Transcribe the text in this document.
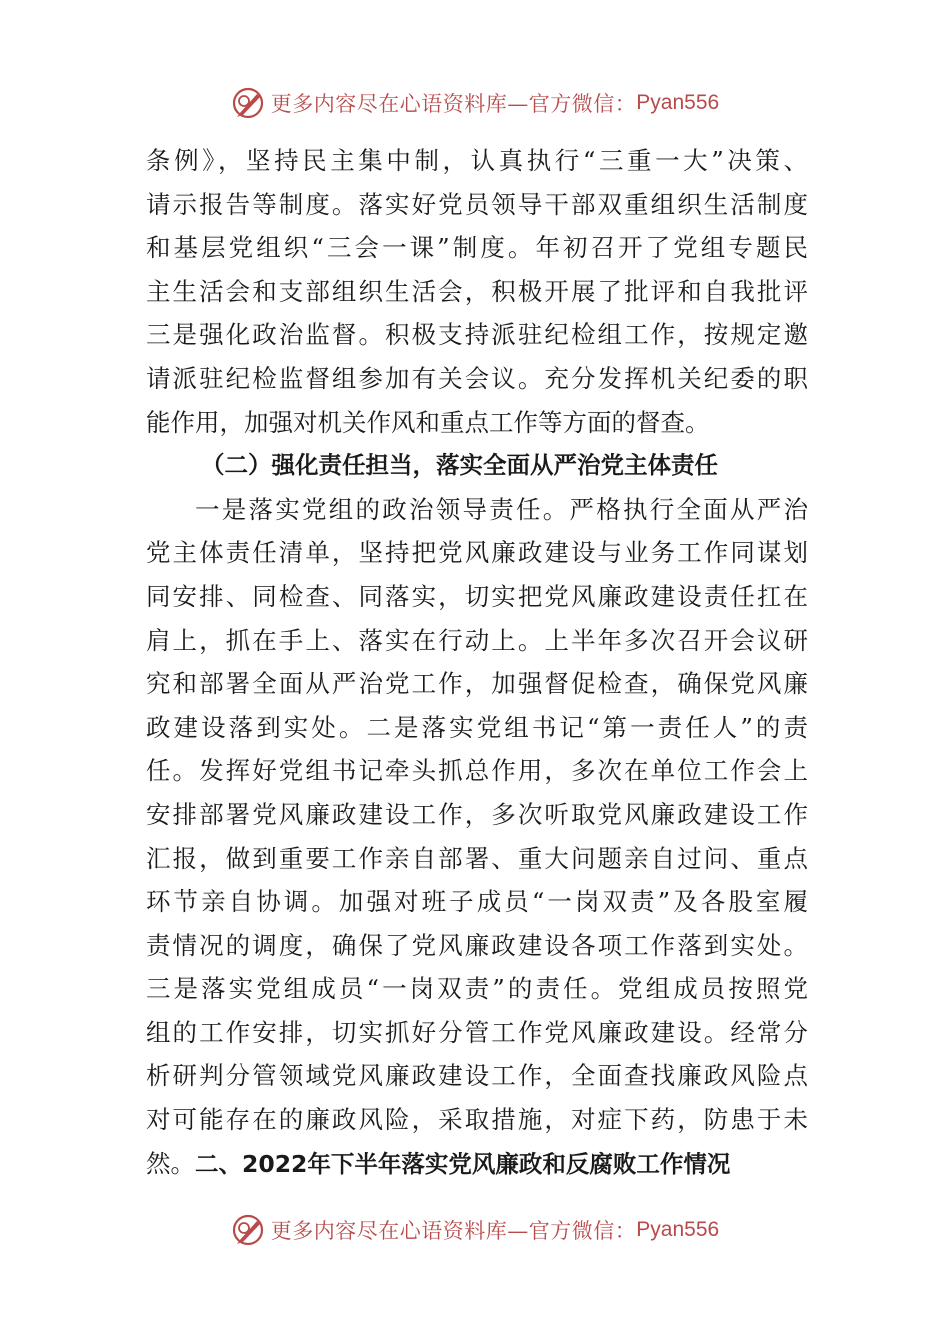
更多内容尽在心语资料库—官方微信： Pyan556
条例》，坚持民主集中制，认真执行“三重一大”决策、
请示报告等制度。落实好党员领导干部双重组织生活制度
和基层党组织“三会一课”制度。年初召开了党组专题民
主生活会和支部组织生活会，积极开展了批评和自我批评
三是强化政治监督。积极支持派驻纪检组工作，按规定邀
请派驻纪检监督组参加有关会议。充分发挥机关纪委的职
能作用，加强对机关作风和重点工作等方面的督查。
（二）强化责任担当，落实全面从严治党主体责任
一是落实党组的政治领导责任。严格执行全面从严治
党主体责任清单，坚持把党风廉政建设与业务工作同谋划
同安排、同检查、同落实，切实把党风廉政建设责任扛在
肩上，抓在手上、落实在行动上。上半年多次召开会议研
究和部署全面从严治党工作，加强督促检查，确保党风廉
政建设落到实处。二是落实党组书记“第一责任人”的责
任。发挥好党组书记牵头抓总作用，多次在单位工作会上
安排部署党风廉政建设工作，多次听取党风廉政建设工作
汇报，做到重要工作亲自部署、重大问题亲自过问、重点
环节亲自协调。加强对班子成员“一岗双责”及各股室履
责情况的调度，确保了党风廉政建设各项工作落到实处。
三是落实党组成员“一岗双责”的责任。党组成员按照党
组的工作安排，切实抓好分管工作党风廉政建设。经常分
析研判分管领域党风廉政建设工作，全面查找廉政风险点
对可能存在的廉政风险，采取措施，对症下药，防患于未
然。二、2022年下半年落实党风廉政和反腐败工作情况
更多内容尽在心语资料库—官方微信： Pyan556
